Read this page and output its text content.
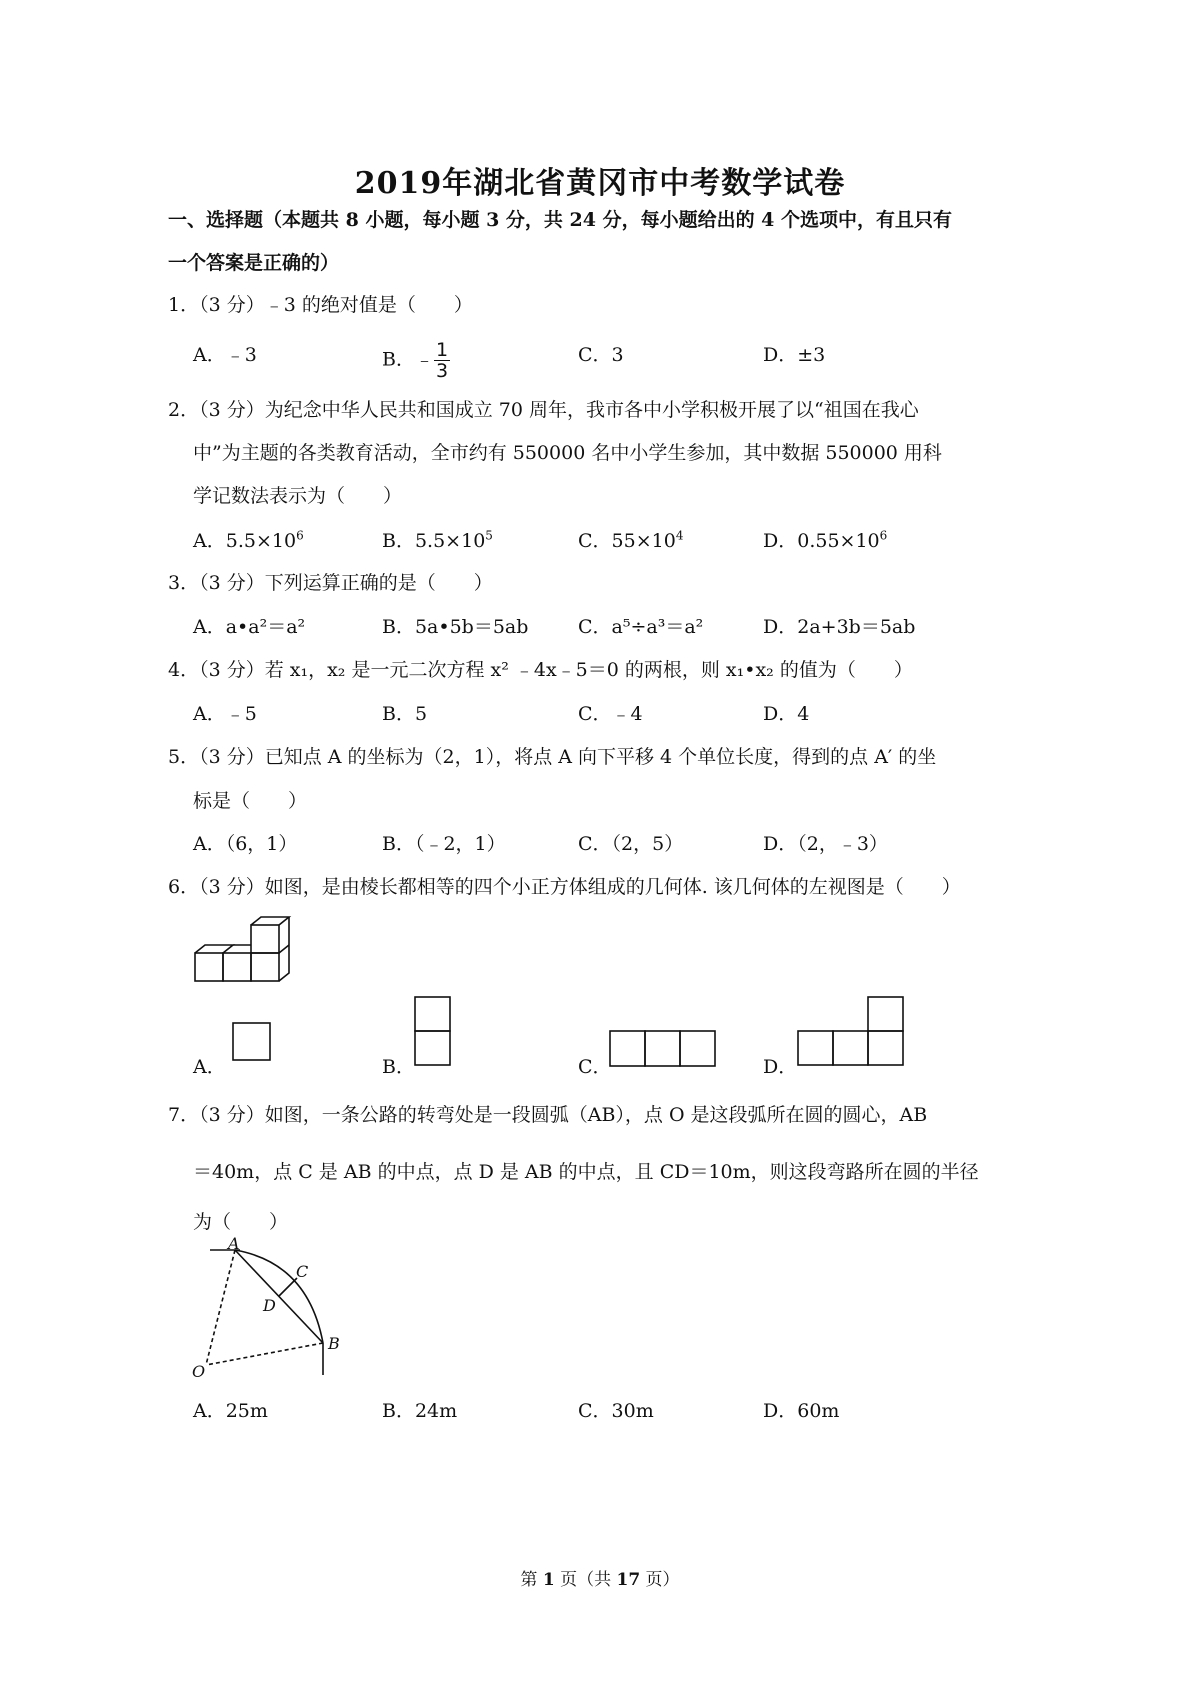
2019年湖北省黄冈市中考数学试卷
一、选择题（本题共 8 小题，每小题 3 分，共 24 分，每小题给出的 4 个选项中，有且只有
一个答案是正确的）
1．（3 分）﹣3 的绝对值是（　　）
A．﹣3	B．﹣ $\frac{1}{3}$	C．3	D．±3
2．（3 分）为纪念中华人民共和国成立 70 周年，我市各中小学积极开展了以“祖国在我心
中”为主题的各类教育活动，全市约有 550000 名中小学生参加，其中数据 550000 用科
学记数法表示为（　　）
A．$5.5\times 10^6$	B．$5.5\times 10^5$	C．$55\times 10^4$	D．$0.55\times 10^6$
3．（3 分）下列运算正确的是（　　）
A．a•a²＝a²	B．5a•5b＝5ab	C．a⁵÷a³＝a²	D．2a+3b＝5ab
4．（3 分）若 x₁，x₂ 是一元二次方程 x² ﹣4x﹣5＝0 的两根，则 x₁•x₂ 的值为（　　）
A．﹣5	B．5	C．﹣4	D．4
5．（3 分）已知点 A 的坐标为（2，1），将点 A 向下平移 4 个单位长度，得到的点 A′ 的坐
标是（　　）
A．（6，1）	B．（﹣2，1）	C．（2，5）	D．（2，﹣3）
6．（3 分）如图，是由棱长都相等的四个小正方体组成的几何体. 该几何体的左视图是（　　）
A．	B．	C．	D．
7．（3 分）如图，一条公路的转弯处是一段圆弧（AB），点 O 是这段弧所在圆的圆心，AB
＝40m，点 C 是 AB 的中点，点 D 是 AB 的中点，且 CD＝10m，则这段弯路所在圆的半径
为（　　）
A
C
D
B
O
A．25m	B．24m	C．30m	D．60m
第 1 页（共 17 页）
